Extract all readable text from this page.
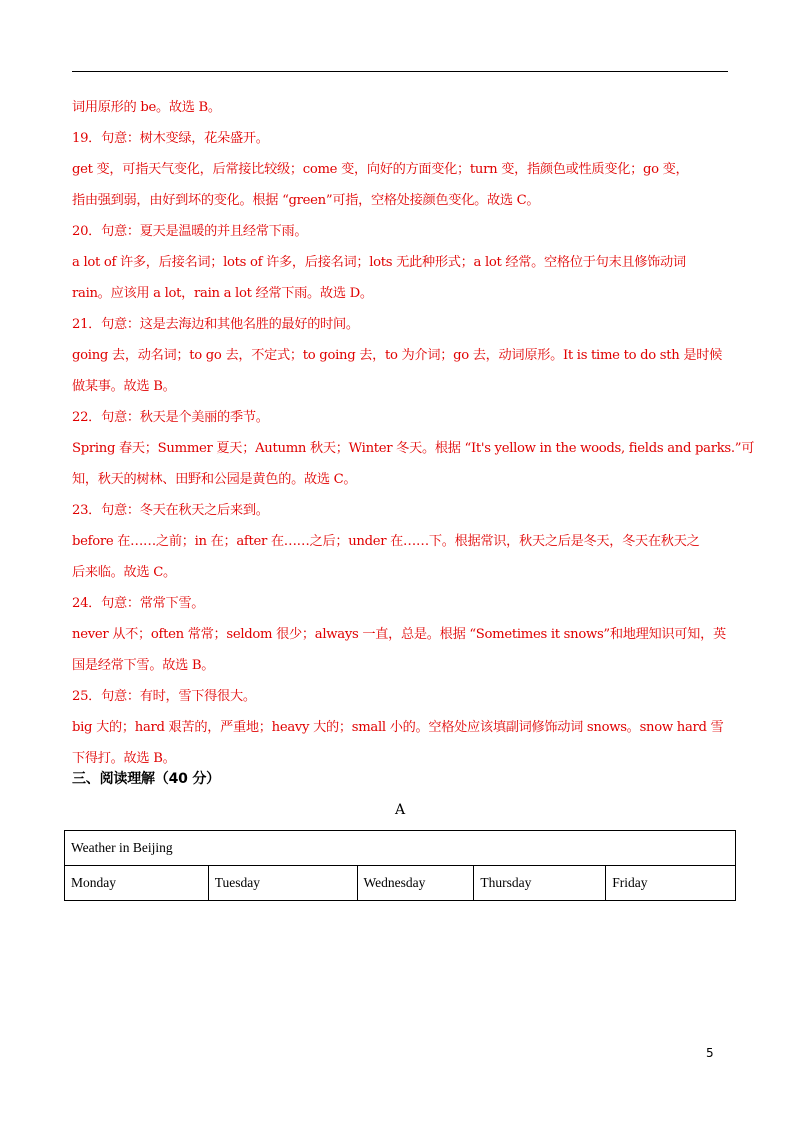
词用原形的 be。故选 B。

19．句意：树木变绿，花朵盛开。

get 变，可指天气变化，后常接比较级；come 变，向好的方面变化；turn 变，指颜色或性质变化；go 变，

指由强到弱，由好到坏的变化。根据 “green”可指，空格处接颜色变化。故选 C。

20．句意：夏天是温暖的并且经常下雨。

a lot of 许多，后接名词；lots of 许多，后接名词；lots 无此种形式；a lot 经常。空格位于句末且修饰动词

rain。应该用 a lot，rain a lot 经常下雨。故选 D。

21．句意：这是去海边和其他名胜的最好的时间。

going 去，动名词；to go 去，不定式；to going 去，to 为介词；go 去，动词原形。It is time to do sth 是时候

做某事。故选 B。

22．句意：秋天是个美丽的季节。

Spring 春天；Summer 夏天；Autumn 秋天；Winter 冬天。根据 “It's yellow in the woods, fields and parks.”可

知，秋天的树林、田野和公园是黄色的。故选 C。

23．句意：冬天在秋天之后来到。

before 在……之前；in 在；after 在……之后；under 在……下。根据常识，秋天之后是冬天，冬天在秋天之

后来临。故选 C。

24．句意：常常下雪。

never 从不；often 常常；seldom 很少；always 一直，总是。根据 “Sometimes it snows”和地理知识可知，英

国是经常下雪。故选 B。

25．句意：有时，雪下得很大。

big 大的；hard 艰苦的，严重地；heavy 大的；small 小的。空格处应该填副词修饰动词 snows。snow hard 雪

下得打。故选 B。

三、阅读理解（40 分）
A
Weather in Beijing
Monday	Tuesday	Wednesday	Thursday	Friday
5
